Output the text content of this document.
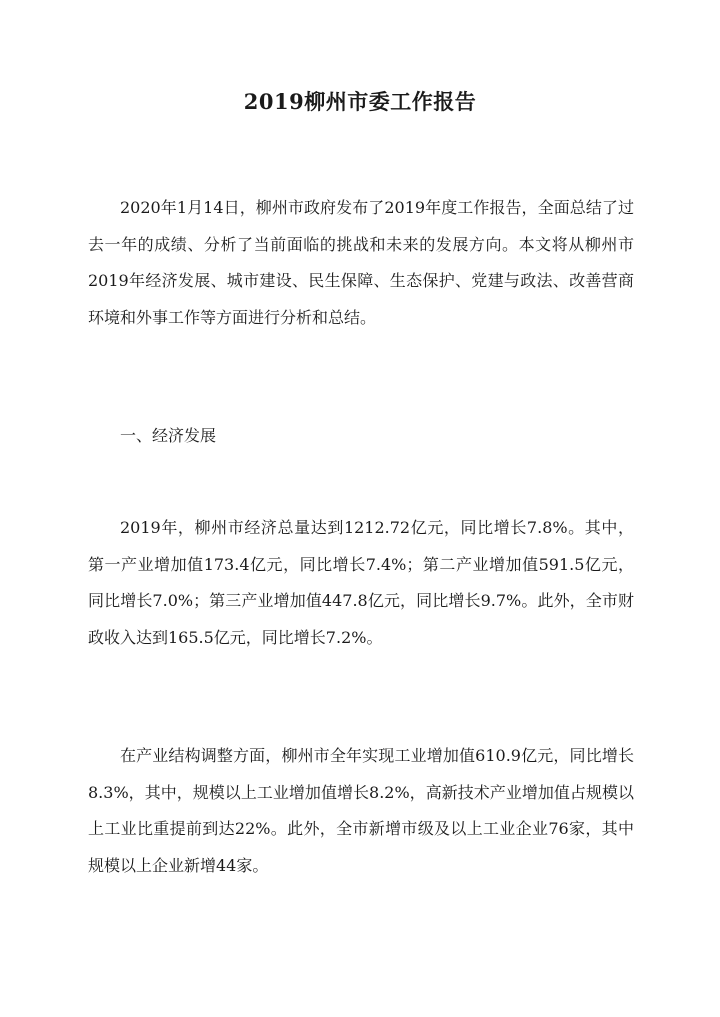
2019柳州市委工作报告

2020年1月14日，柳州市政府发布了2019年度工作报告，全面总结了过去一年的成绩、分析了当前面临的挑战和未来的发展方向。本文将从柳州市2019年经济发展、城市建设、民生保障、生态保护、党建与政法、改善营商环境和外事工作等方面进行分析和总结。

一、经济发展

2019年，柳州市经济总量达到1212.72亿元，同比增长7.8%。其中，第一产业增加值173.4亿元，同比增长7.4%；第二产业增加值591.5亿元，同比增长7.0%；第三产业增加值447.8亿元，同比增长9.7%。此外，全市财政收入达到165.5亿元，同比增长7.2%。

在产业结构调整方面，柳州市全年实现工业增加值610.9亿元，同比增长8.3%，其中，规模以上工业增加值增长8.2%，高新技术产业增加值占规模以上工业比重提前到达22%。此外，全市新增市级及以上工业企业76家，其中规模以上企业新增44家。
